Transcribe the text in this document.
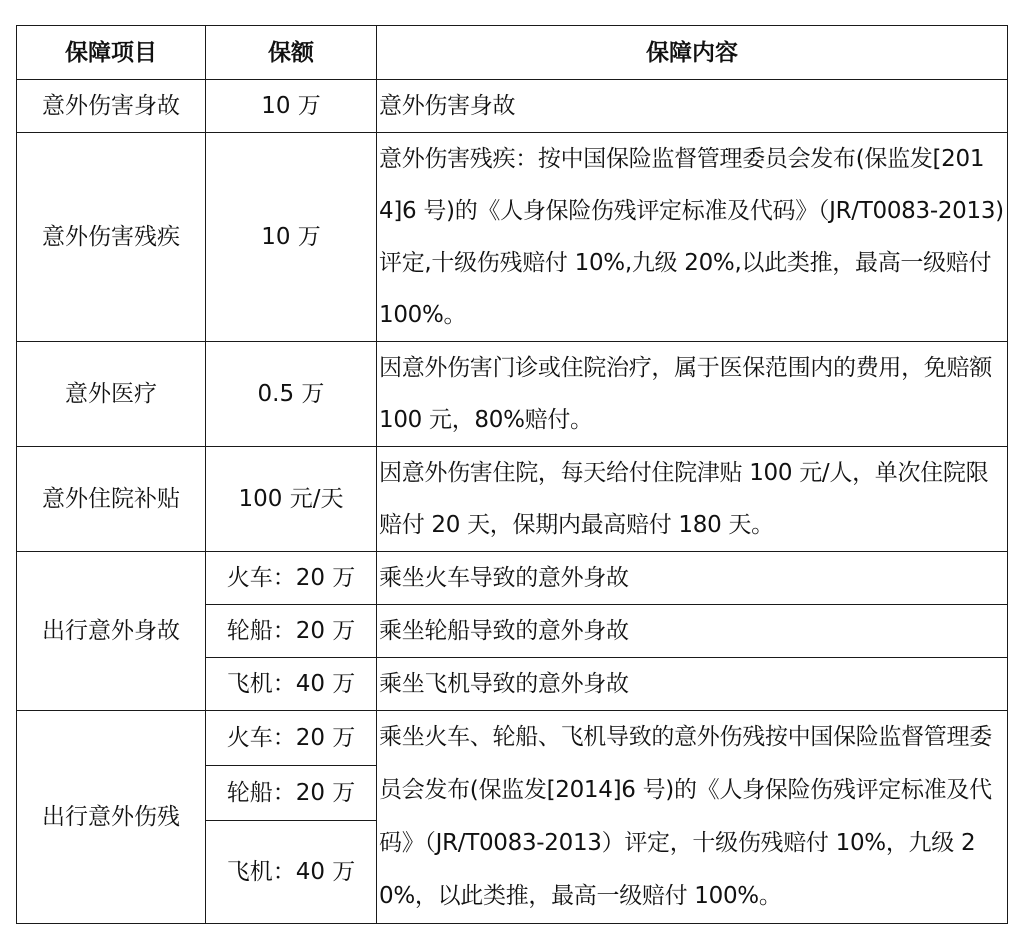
保障项目	保额	保障内容
意外伤害身故	10 万	意外伤害身故
意外伤害残疾	10 万	意外伤害残疾：按中国保险监督管理委员会发布(保监发[2014]6 号)的《人身保险伤残评定标准及代码》（JR/T0083-2013)评定,十级伤残赔付 10%,九级 20%,以此类推，最高一级赔付 100%。
意外医疗	0.5 万	因意外伤害门诊或住院治疗，属于医保范围内的费用，免赔额 100 元，80%赔付。
意外住院补贴	100 元/天	因意外伤害住院，每天给付住院津贴 100 元/人，单次住院限赔付 20 天，保期内最高赔付 180 天。
出行意外身故	火车：20 万	乘坐火车导致的意外身故
	轮船：20 万	乘坐轮船导致的意外身故
	飞机：40 万	乘坐飞机导致的意外身故
出行意外伤残	火车：20 万	乘坐火车、轮船、飞机导致的意外伤残按中国保险监督管理委员会发布(保监发[2014]6 号)的《人身保险伤残评定标准及代码》（JR/T0083-2013）评定，十级伤残赔付 10%，九级 20%，以此类推，最高一级赔付 100%。
	轮船：20 万	
	飞机：40 万	
